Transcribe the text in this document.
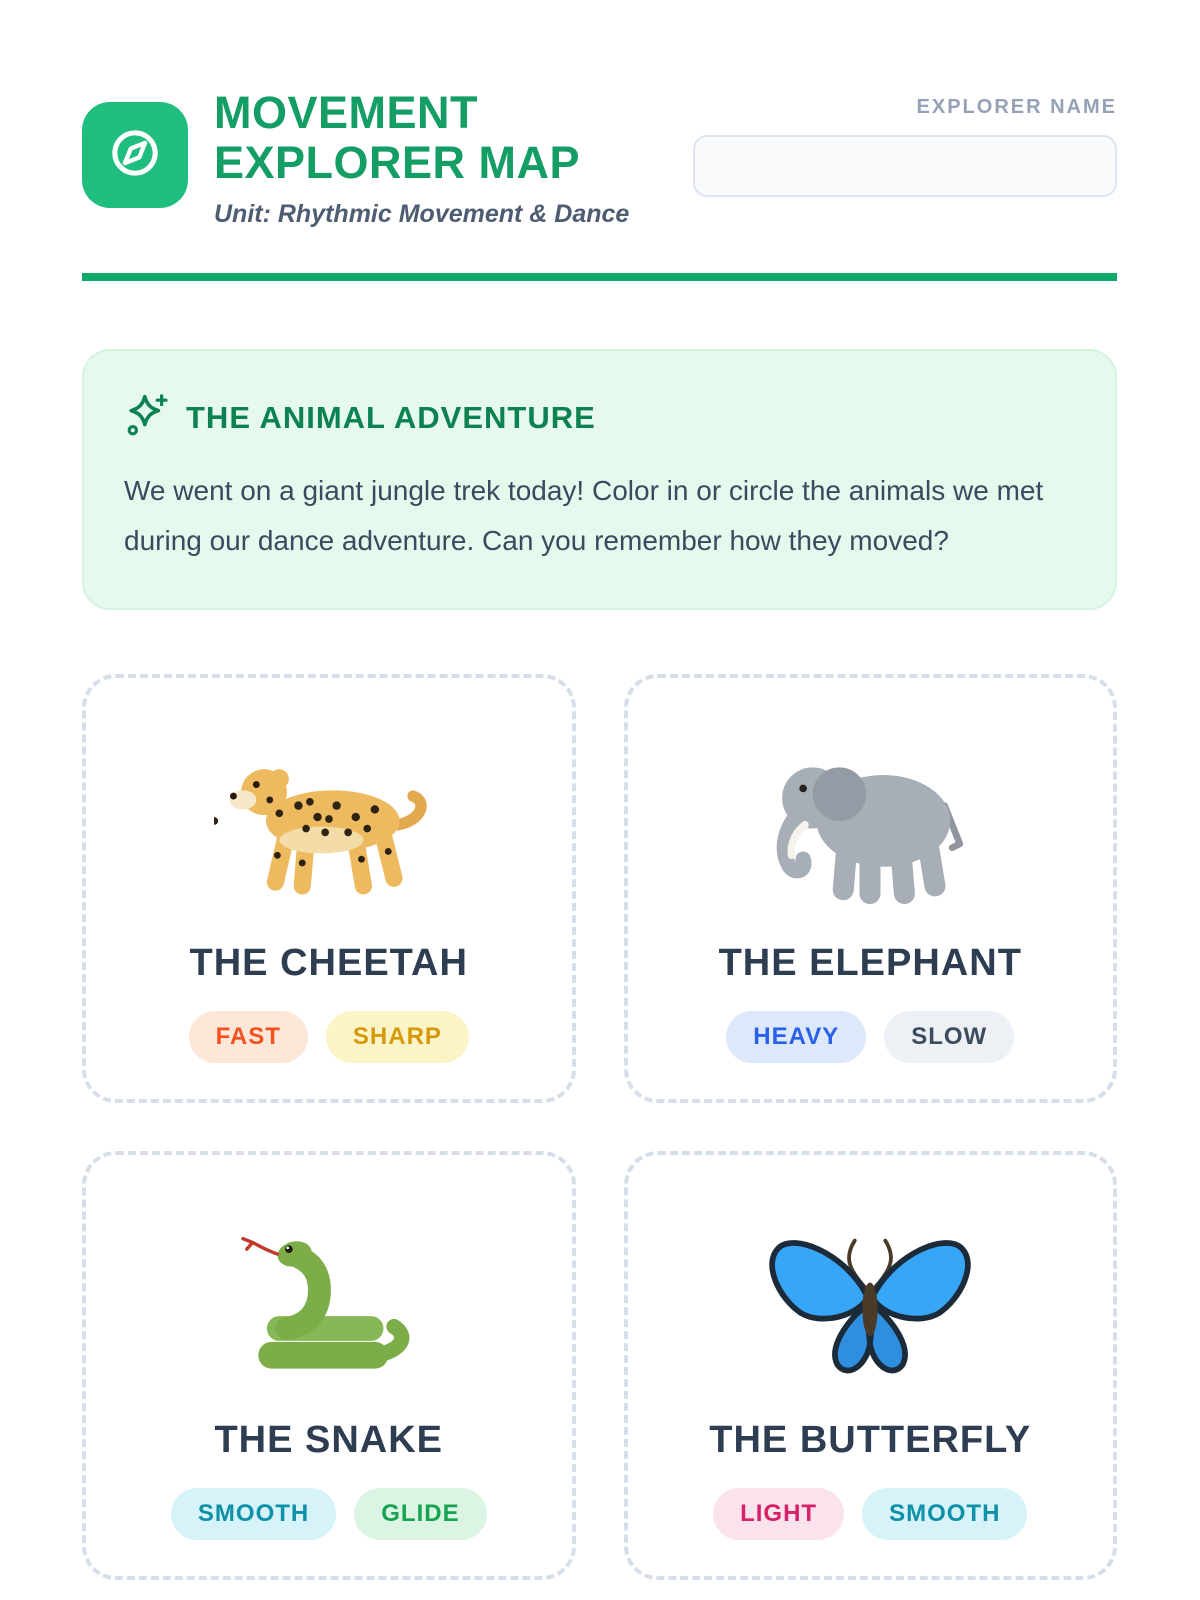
MOVEMENT
EXPLORER MAP
Unit: Rhythmic Movement & Dance
EXPLORER NAME
THE ANIMAL ADVENTURE
We went on a giant jungle trek today! Color in or circle the animals we met during our dance adventure. Can you remember how they moved?
THE CHEETAH
FAST	SHARP
THE ELEPHANT
HEAVY	SLOW
THE SNAKE
SMOOTH	GLIDE
THE BUTTERFLY
LIGHT	SMOOTH
